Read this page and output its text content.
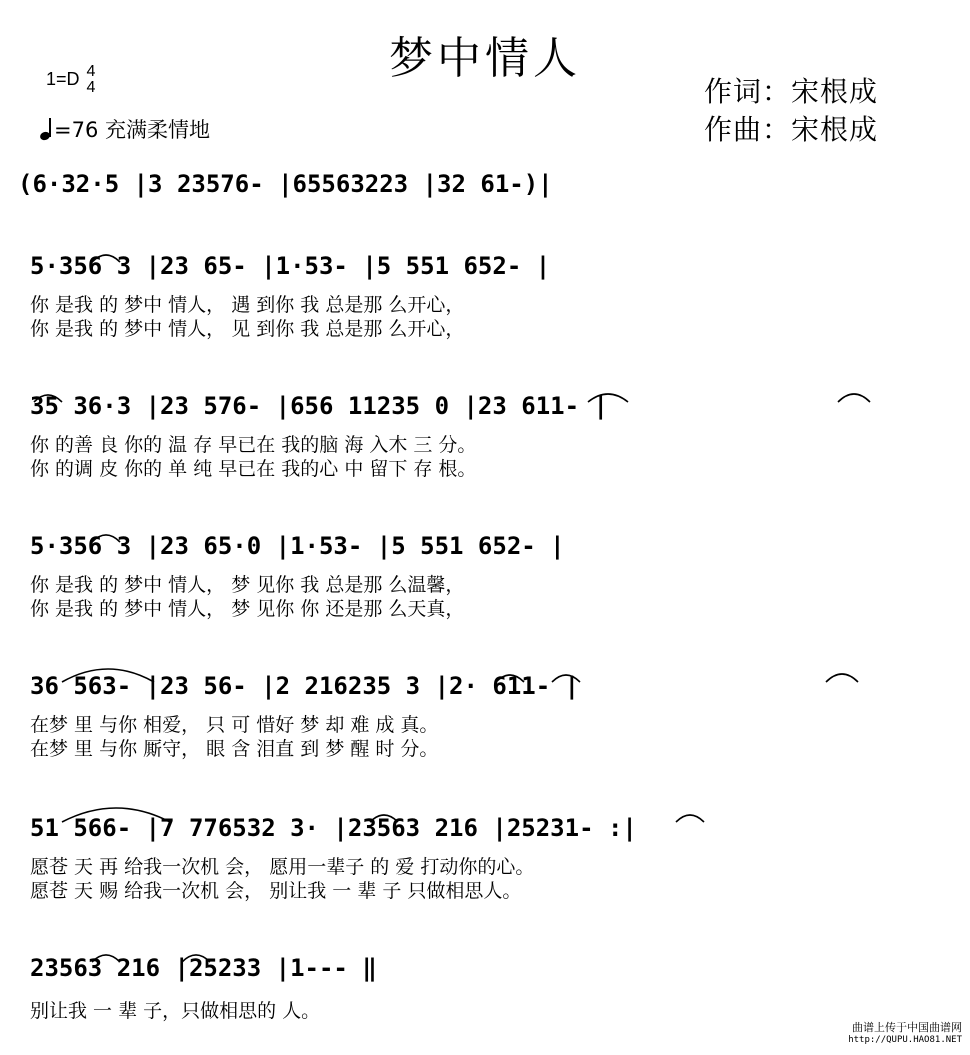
梦中情人
1=D 4
4
=76 充满柔情地
作词：宋根成
作曲：宋根成
(6·32·5 |3 23576- |65563223 |32 61-)|
5·356 3 |23 65- |1·53- |5 551 652- |
你 是我 的 梦中 情人， 遇 到你 我 总是那 么开心，
你 是我 的 梦中 情人， 见 到你 我 总是那 么开心，
35 36·3 |23 576- |656 11235 0 |23 611- |
你 的善 良 你的 温 存 早已在 我的脑 海 入木 三 分。
你 的调 皮 你的 单 纯 早已在 我的心 中 留下 存 根。
5·356 3 |23 65·0 |1·53- |5 551 652- |
你 是我 的 梦中 情人， 梦 见你 我 总是那 么温馨，
你 是我 的 梦中 情人， 梦 见你 你 还是那 么天真，
36 563- |23 56- |2 216235 3 |2· 611- |
在梦 里 与你 相爱， 只 可 惜好 梦 却 难 成 真。
在梦 里 与你 厮守， 眼 含 泪直 到 梦 醒 时 分。
51 566- |7 776532 3· |23563 216 |25231- :|
愿苍 天 再 给我一次机 会， 愿用一辈子 的 爱 打动你的心。
愿苍 天 赐 给我一次机 会， 别让我 一 辈 子 只做相思人。
23563 216 |25233 |1--- ‖
别让我 一 辈 子，只做相思的 人。
曲谱上传于中国曲谱网
http://QUPU.HAO81.NET
